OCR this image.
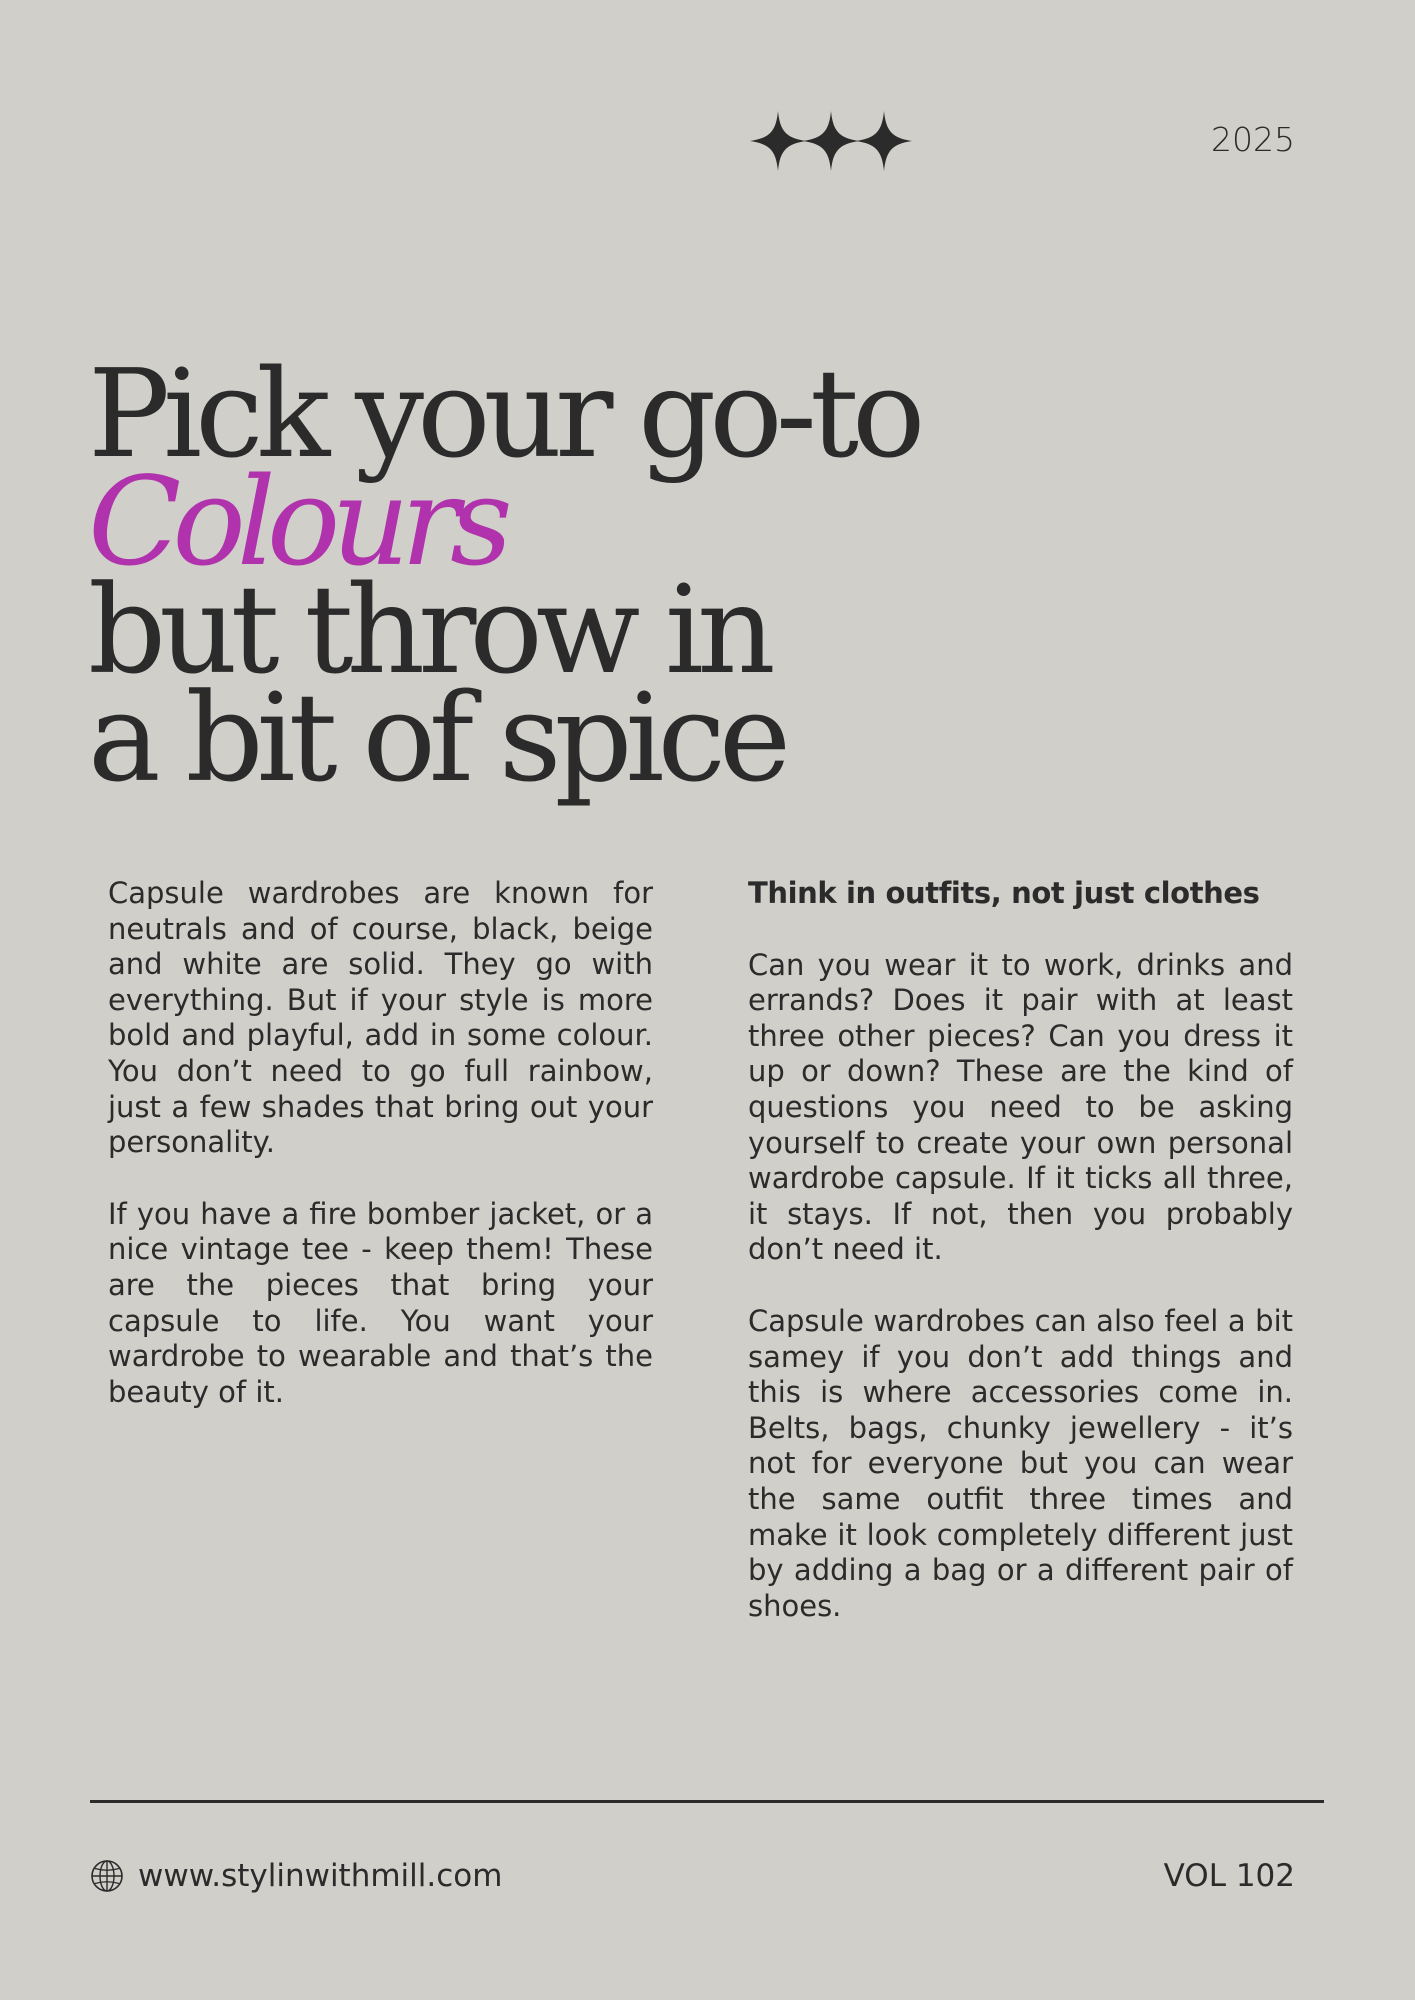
2025
Pick your go-to
Colours
but throw in
a bit of spice

Capsule wardrobes are known for neutrals and of course, black, beige and white are solid. They go with everything. But if your style is more bold and playful, add in some colour. You don’t need to go full rainbow, just a few shades that bring out your personality.

If you have a fire bomber jacket, or a nice vintage tee - keep them! These are the pieces that bring your capsule to life. You want your wardrobe to wearable and that’s the beauty of it.

Think in outfits, not just clothes

Can you wear it to work, drinks and errands? Does it pair with at least three other pieces? Can you dress it up or down? These are the kind of questions you need to be asking yourself to create your own personal wardrobe capsule. If it ticks all three, it stays. If not, then you probably don’t need it.

Capsule wardrobes can also feel a bit samey if you don’t add things and this is where accessories come in. Belts, bags, chunky jewellery - it’s not for everyone but you can wear the same outfit three times and make it look completely different just by adding a bag or a different pair of shoes.

www.stylinwithmill.com	VOL 102
